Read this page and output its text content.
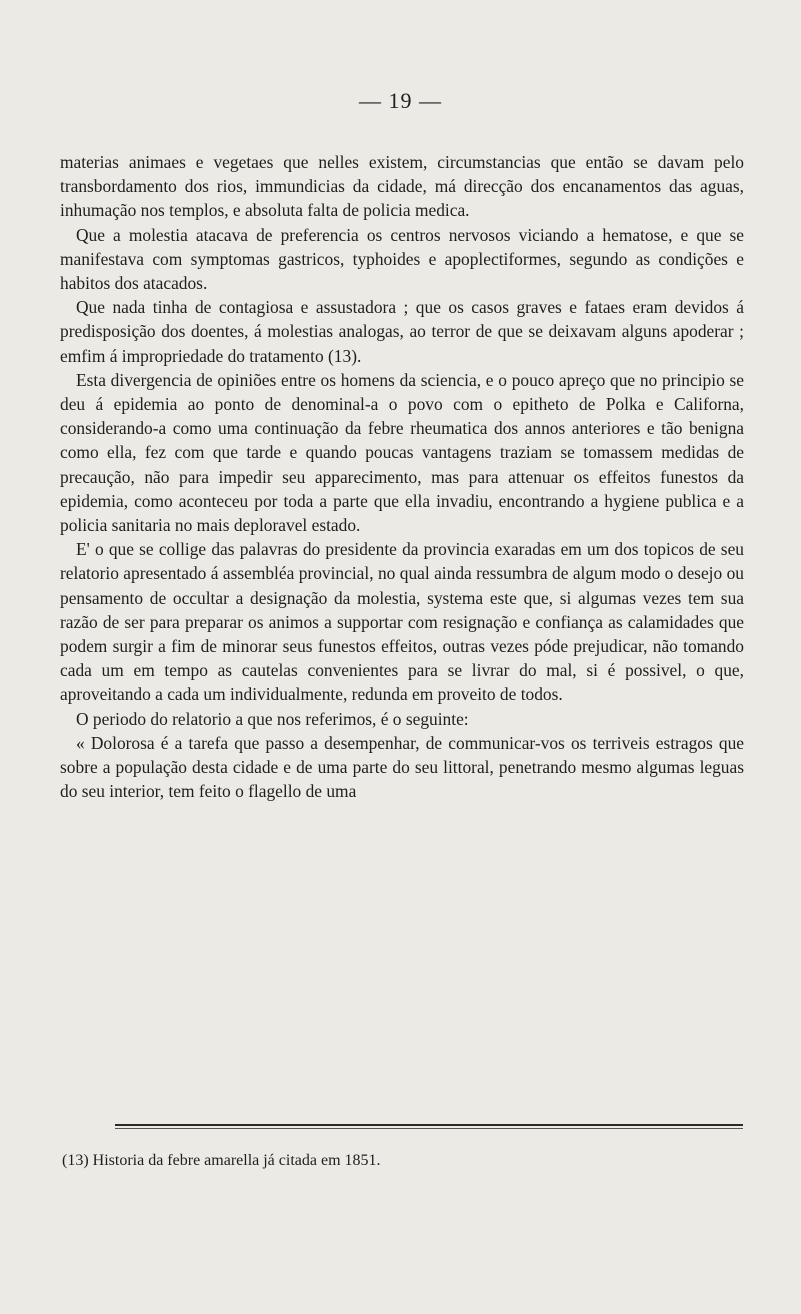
— 19 —

materias animaes e vegetaes que nelles existem, circumstancias que então se davam pelo transbordamento dos rios, immundicias da cidade, má direcção dos encanamentos das aguas, inhumação nos templos, e absoluta falta de policia medica.

Que a molestia atacava de preferencia os centros nervosos viciando a hematose, e que se manifestava com symptomas gastricos, typhoides e apoplectiformes, segundo as condições e habitos dos atacados.

Que nada tinha de contagiosa e assustadora ; que os casos graves e fataes eram devidos á predisposição dos doentes, á molestias analogas, ao terror de que se deixavam alguns apoderar ; emfim á impropriedade do tratamento (13).

Esta divergencia de opiniões entre os homens da sciencia, e o pouco apreço que no principio se deu á epidemia ao ponto de denominal-a o povo com o epitheto de Polka e Californa, considerando-a como uma continuação da febre rheumatica dos annos anteriores e tão benigna como ella, fez com que tarde e quando poucas vantagens traziam se tomassem medidas de precaução, não para impedir seu apparecimento, mas para attenuar os effeitos funestos da epidemia, como aconteceu por toda a parte que ella invadiu, encontrando a hygiene publica e a policia sanitaria no mais deploravel estado.

E' o que se collige das palavras do presidente da provincia exaradas em um dos topicos de seu relatorio apresentado á assembléa provincial, no qual ainda ressumbra de algum modo o desejo ou pensamento de occultar a designação da molestia, systema este que, si algumas vezes tem sua razão de ser para preparar os animos a supportar com resignação e confiança as calamidades que podem surgir a fim de minorar seus funestos effeitos, outras vezes póde prejudicar, não tomando cada um em tempo as cautelas convenientes para se livrar do mal, si é possivel, o que, aproveitando a cada um individualmente, redunda em proveito de todos.

O periodo do relatorio a que nos referimos, é o seguinte:

« Dolorosa é a tarefa que passo a desempenhar, de communicar-vos os terriveis estragos que sobre a população desta cidade e de uma parte do seu littoral, penetrando mesmo algumas leguas do seu interior, tem feito o flagello de uma

(13) Historia da febre amarella já citada em 1851.
